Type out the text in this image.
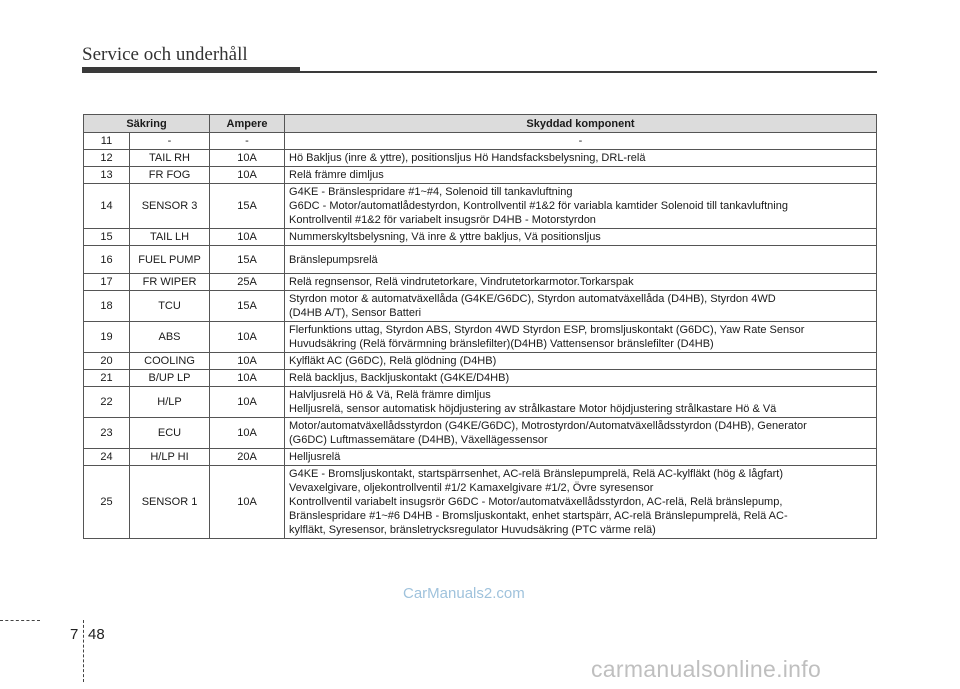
Service och underhåll
Säkring		Ampere	Skyddad komponent
11	-	-	-

12	TAIL RH	10A	Hö Bakljus (inre & yttre), positionsljus Hö Handsfacksbelysning, DRL-relä

13	FR FOG	10A	Relä främre dimljus

14	SENSOR 3	15A	G4KE - Bränslespridare #1~#4, Solenoid till tankavluftning
G6DC - Motor/automatlådestyrdon, Kontrollventil #1&2 för variabla kamtider Solenoid till tankavluftning
Kontrollventil #1&2 för variabelt insugsrör D4HB - Motorstyrdon

15	TAIL LH	10A	Nummerskyltsbelysning, Vä inre & yttre bakljus, Vä positionsljus

16	FUEL PUMP	15A	Bränslepumpsrelä

17	FR WIPER	25A	Relä regnsensor, Relä vindrutetorkare, Vindrutetorkarmotor.Torkarspak

18	TCU	15A	Styrdon motor & automatväxellåda (G4KE/G6DC), Styrdon automatväxellåda (D4HB), Styrdon 4WD
(D4HB A/T), Sensor Batteri

19	ABS	10A	Flerfunktions uttag, Styrdon ABS, Styrdon 4WD Styrdon ESP, bromsljuskontakt (G6DC), Yaw Rate Sensor
Huvudsäkring (Relä förvärmning bränslefilter)(D4HB) Vattensensor bränslefilter (D4HB)

20	COOLING	10A	Kylfläkt AC (G6DC), Relä glödning (D4HB)

21	B/UP LP	10A	Relä backljus, Backljuskontakt (G4KE/D4HB)

22	H/LP	10A	Halvljusrelä Hö & Vä, Relä främre dimljus
Helljusrelä, sensor automatisk höjdjustering av strålkastare Motor höjdjustering strålkastare Hö & Vä

23	ECU	10A	Motor/automatväxellådsstyrdon (G4KE/G6DC), Motrostyrdon/Automatväxellådsstyrdon (D4HB), Generator
(G6DC) Luftmassemätare (D4HB), Växellägessensor

24	H/LP HI	20A	Helljusrelä

25	SENSOR 1	10A	G4KE - Bromsljuskontakt, startspärrsenhet, AC-relä Bränslepumprelä, Relä AC-kylfläkt (hög & lågfart)
Vevaxelgivare, oljekontrollventil #1/2 Kamaxelgivare #1/2, Övre syresensor
Kontrollventil variabelt insugsrör G6DC - Motor/automatväxellådsstyrdon, AC-relä, Relä bränslepump,
Bränslespridare #1~#6 D4HB - Bromsljuskontakt, enhet startspärr, AC-relä Bränslepumprelä, Relä AC-
kylfläkt, Syresensor, bränsletrycksregulator Huvudsäkring (PTC värme relä)
CarManuals2.com
7 48
carmanualsonline.info
